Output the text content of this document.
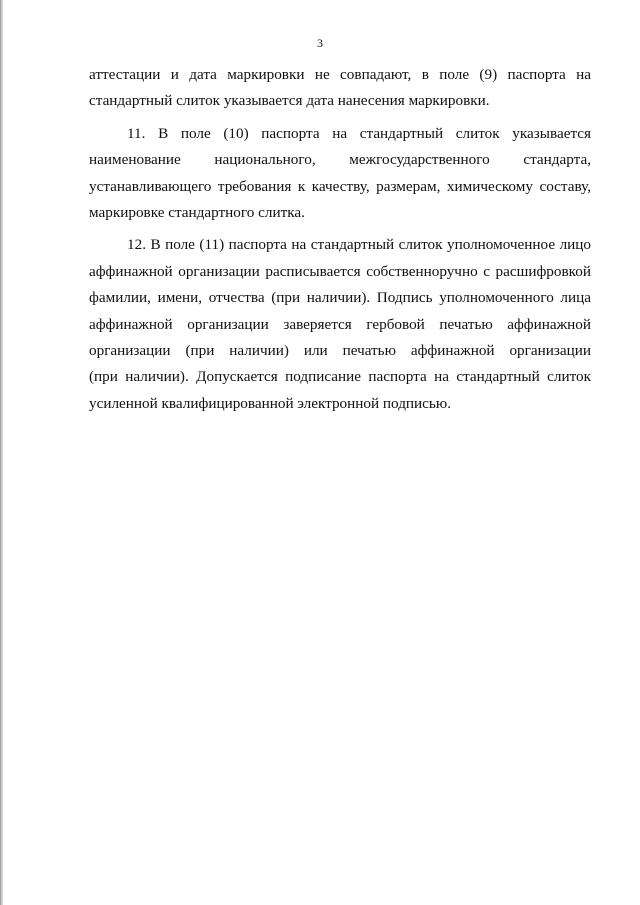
3
аттестации и дата маркировки не совпадают, в поле (9) паспорта на
стандартный слиток указывается дата нанесения маркировки.
11. В поле (10) паспорта на стандартный слиток указывается
наименование национального, межгосударственного стандарта,
устанавливающего требования к качеству, размерам, химическому составу,
маркировке стандартного слитка.
12. В поле (11) паспорта на стандартный слиток уполномоченное лицо
аффинажной организации расписывается собственноручно с расшифровкой
фамилии, имени, отчества (при наличии). Подпись уполномоченного лица
аффинажной организации заверяется гербовой печатью аффинажной
организации (при наличии) или печатью аффинажной организации
(при наличии). Допускается подписание паспорта на стандартный слиток
усиленной квалифицированной электронной подписью.
